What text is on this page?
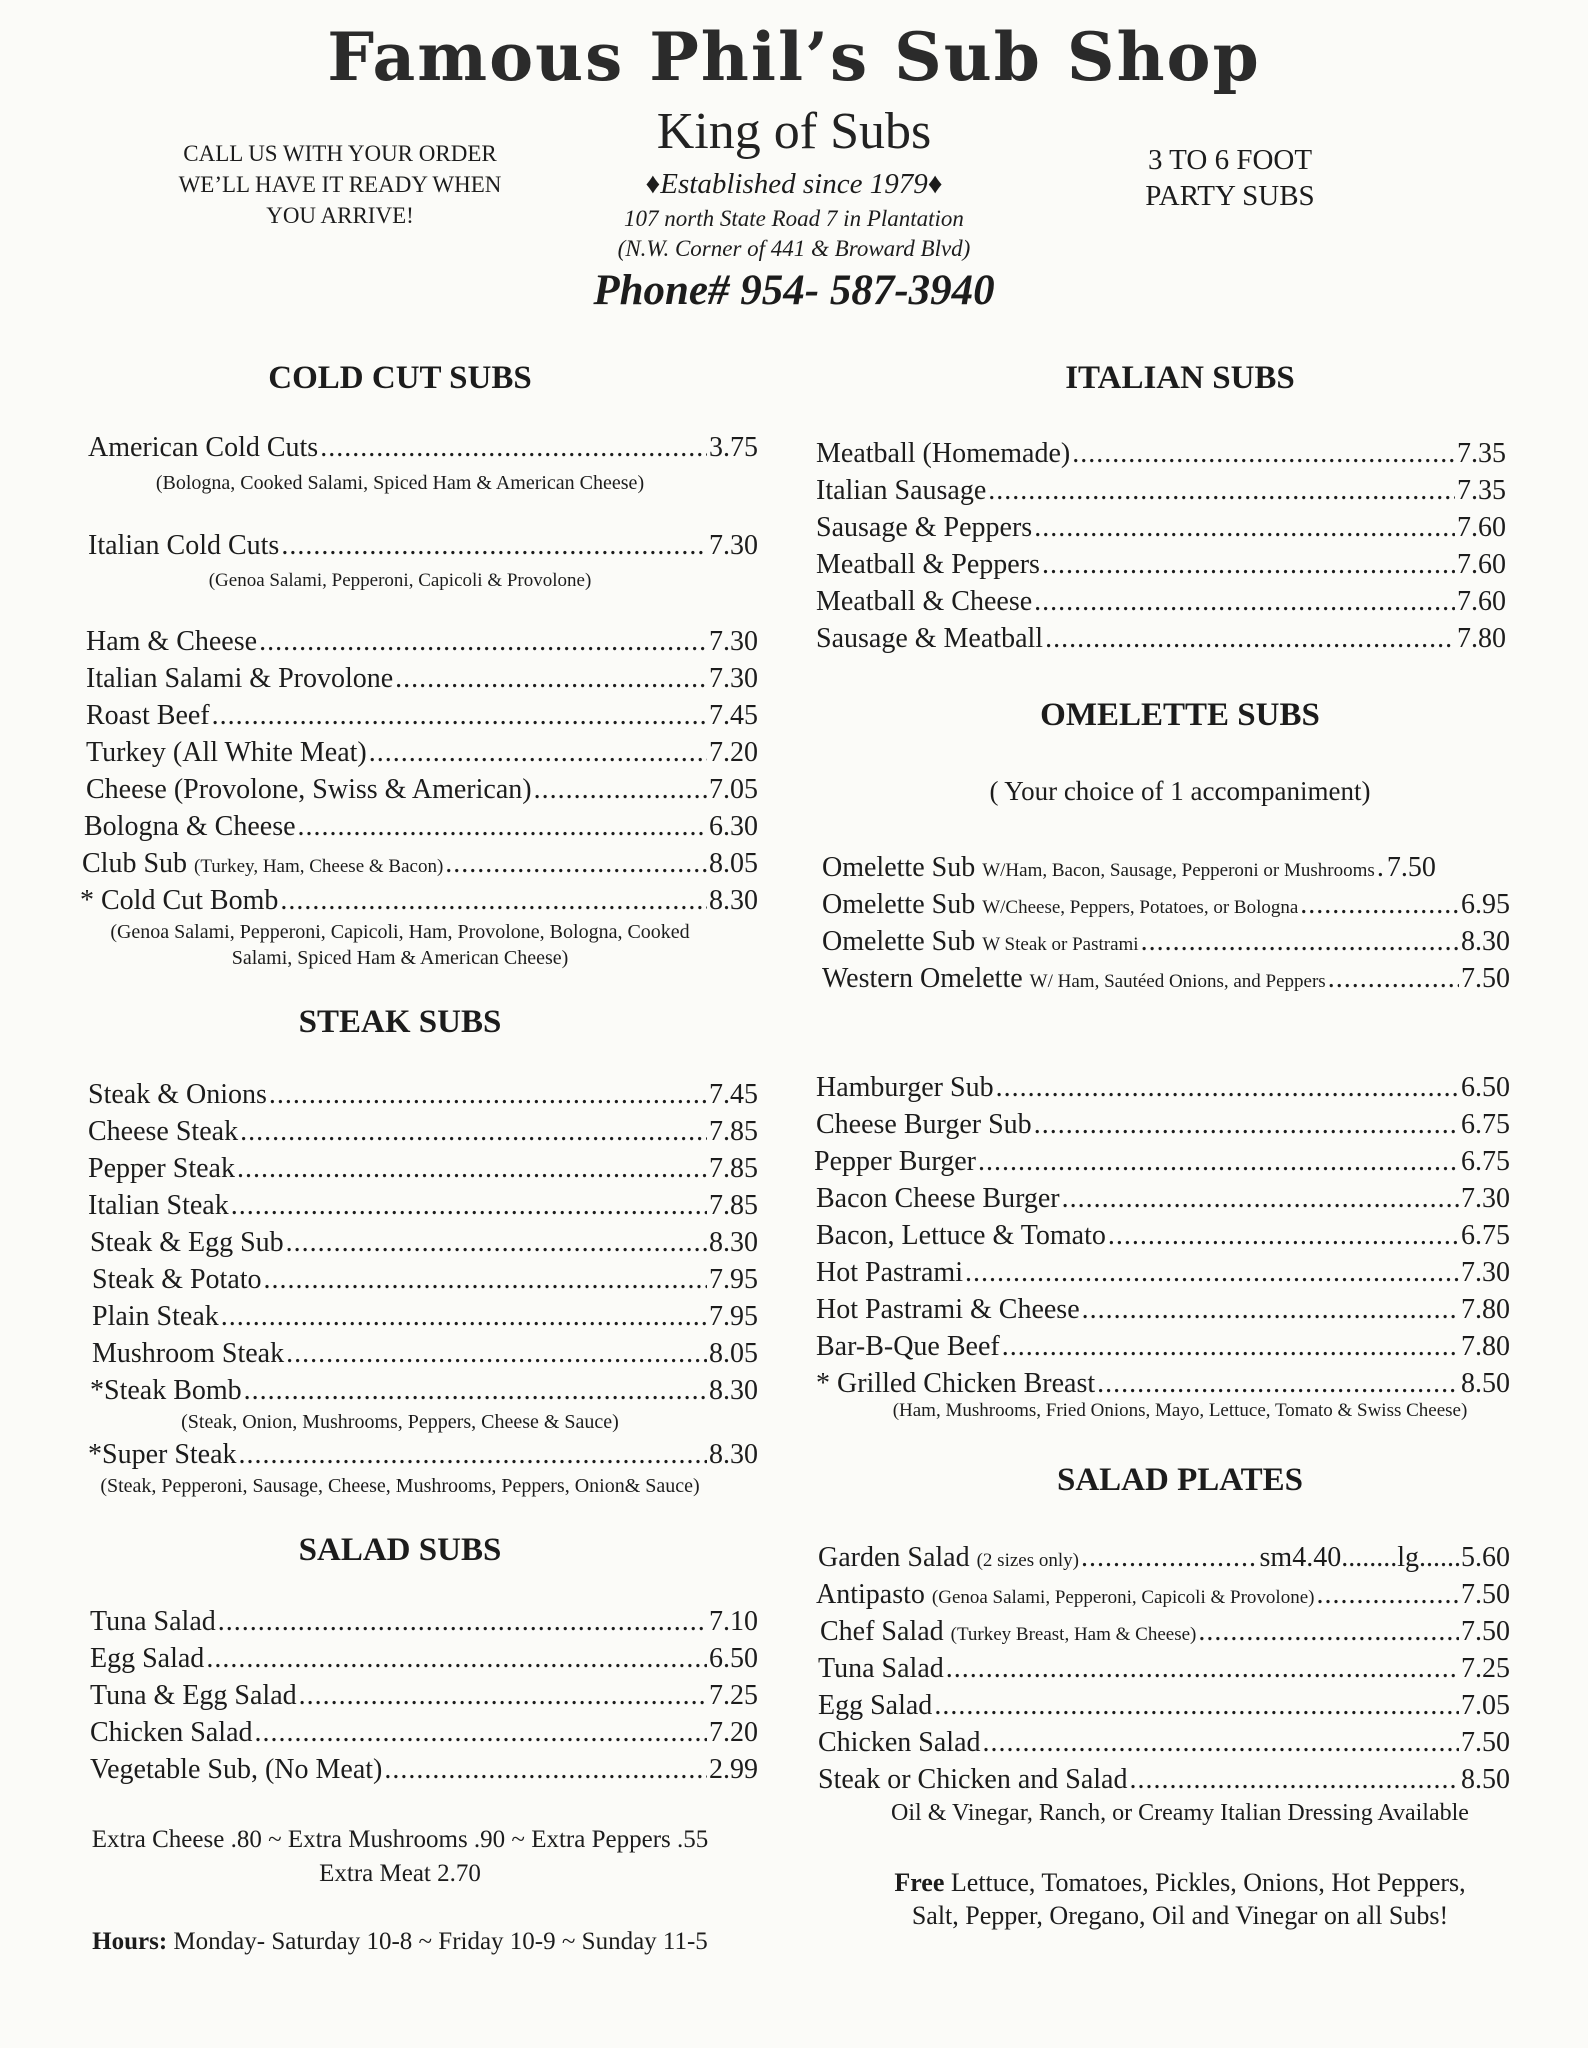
Famous Phil’s Sub Shop
King of Subs
♦Established since 1979♦
107 north State Road 7 in Plantation
(N.W. Corner of 441 & Broward Blvd)
Phone# 954- 587-3940
CALL US WITH YOUR ORDER
WE’LL HAVE IT READY WHEN
YOU ARRIVE!
3 TO 6 FOOT
PARTY SUBS
COLD CUT SUBS
American Cold Cuts .....	3.75
(Bologna, Cooked Salami, Spiced Ham & American Cheese)
Italian Cold Cuts .....	7.30
(Genoa Salami, Pepperoni, Capicoli & Provolone)
Ham & Cheese .....	7.30
Italian Salami & Provolone .....	7.30
Roast Beef .....	7.45
Turkey (All White Meat) .....	7.20
Cheese (Provolone, Swiss & American) .....	7.05
Bologna & Cheese .....	6.30
Club Sub
(Turkey, Ham, Cheese & Bacon) .....	8.05
* Cold Cut Bomb .....	8.30
(Genoa Salami, Pepperoni, Capicoli, Ham, Provolone, Bologna, Cooked
Salami, Spiced Ham & American Cheese)
STEAK SUBS
Steak & Onions .....	7.45
Cheese Steak .....	7.85
Pepper Steak .....	7.85
Italian Steak .....	7.85
Steak & Egg Sub .....	8.30
Steak & Potato .....	7.95
Plain Steak .....	7.95
Mushroom Steak .....	8.05
*Steak Bomb .....	8.30
(Steak, Onion, Mushrooms, Peppers, Cheese & Sauce)
*Super Steak .....	8.30
(Steak, Pepperoni, Sausage, Cheese, Mushrooms, Peppers, Onion& Sauce)
SALAD SUBS
Tuna Salad .....	7.10
Egg Salad .....	6.50
Tuna & Egg Salad .....	7.25
Chicken Salad .....	7.20
Vegetable Sub, (No Meat) .....	2.99
Extra Cheese .80 ~ Extra Mushrooms .90 ~ Extra Peppers .55
Extra Meat 2.70
Hours: Monday- Saturday 10-8 ~ Friday 10-9 ~ Sunday 11-5
ITALIAN SUBS
Meatball (Homemade) .....	7.35
Italian Sausage .....	7.35
Sausage & Peppers .....	7.60
Meatball & Peppers .....	7.60
Meatball & Cheese .....	7.60
Sausage & Meatball .....	7.80
OMELETTE SUBS
( Your choice of 1 accompaniment)
Omelette Sub
W/Ham, Bacon, Sausage, Pepperoni or Mushrooms ..... 7.50
Omelette Sub
W/Cheese, Peppers, Potatoes, or Bologna .....	6.95
Omelette Sub
W Steak or Pastrami .....	8.30
Western Omelette
W/ Ham, Sautéed Onions, and Peppers .....	7.50
Hamburger Sub .....	6.50
Cheese Burger Sub .....	6.75
Pepper Burger .....	6.75
Bacon Cheese Burger .....	7.30
Bacon, Lettuce & Tomato .....	6.75
Hot Pastrami .....	7.30
Hot Pastrami & Cheese .....	7.80
Bar-B-Que Beef .....	7.80
* Grilled Chicken Breast .....	8.50
(Ham, Mushrooms, Fried Onions, Mayo, Lettuce, Tomato & Swiss Cheese)
SALAD PLATES
Garden Salad
(2 sizes only) .....	sm4.40........lg......5.60
Antipasto
(Genoa Salami, Pepperoni, Capicoli & Provolone) .....	7.50
Chef Salad
(Turkey Breast, Ham & Cheese) .....	7.50
Tuna Salad .....	7.25
Egg Salad .....	7.05
Chicken Salad .....	7.50
Steak or Chicken and Salad .....	8.50
Oil & Vinegar, Ranch, or Creamy Italian Dressing Available
Free Lettuce, Tomatoes, Pickles, Onions, Hot Peppers,
Salt, Pepper, Oregano, Oil and Vinegar on all Subs!
